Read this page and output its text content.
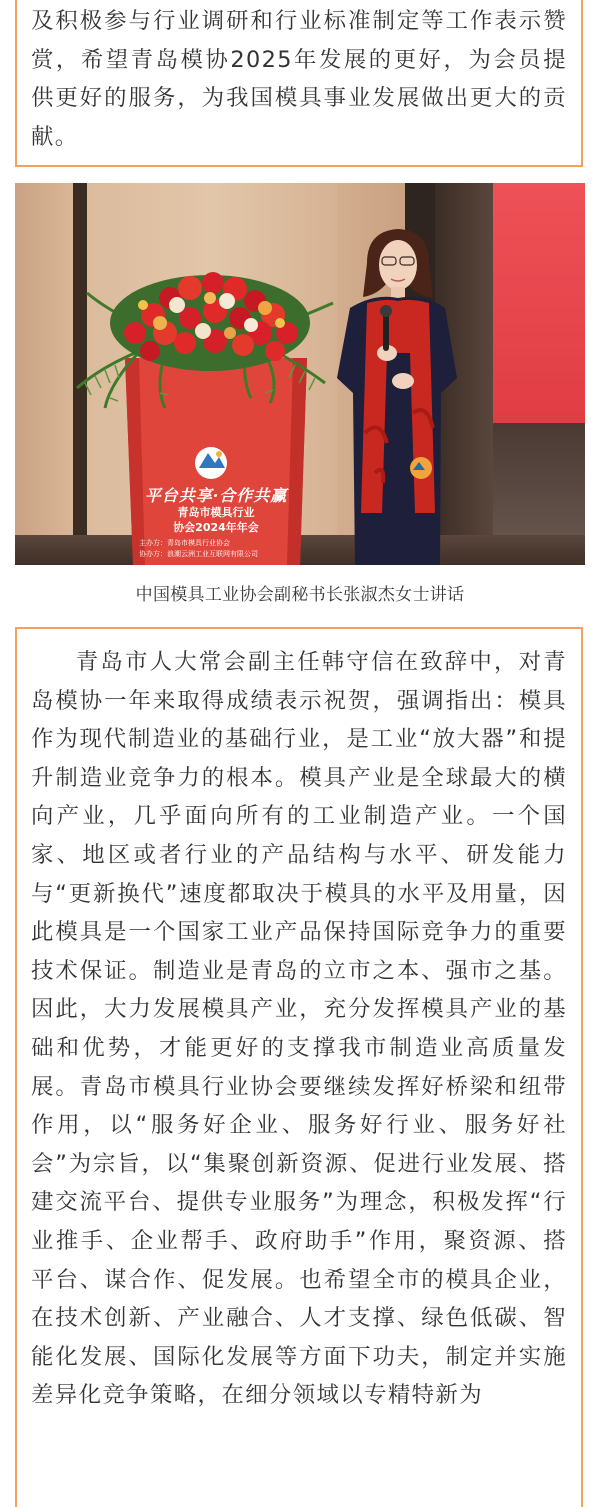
及积极参与行业调研和行业标准制定等工作表示赞赏，希望青岛模协2025年发展的更好，为会员提供更好的服务，为我国模具事业发展做出更大的贡献。

平台共享·合作共赢
青岛市模具行业
协会2024年年会
主办方：青岛市模具行业协会
协办方：浪潮云洲工业互联网有限公司
中国模具工业协会副秘书长张淑杰女士讲话

青岛市人大常会副主任韩守信在致辞中，对青岛模协一年来取得成绩表示祝贺，强调指出：模具作为现代制造业的基础行业，是工业“放大器”和提升制造业竞争力的根本。模具产业是全球最大的横向产业，几乎面向所有的工业制造产业。一个国家、地区或者行业的产品结构与水平、研发能力与“更新换代”速度都取决于模具的水平及用量，因此模具是一个国家工业产品保持国际竞争力的重要技术保证。制造业是青岛的立市之本、强市之基。因此，大力发展模具产业，充分发挥模具产业的基础和优势，才能更好的支撑我市制造业高质量发展。青岛市模具行业协会要继续发挥好桥梁和纽带作用，以“服务好企业、服务好行业、服务好社会”为宗旨，以“集聚创新资源、促进行业发展、搭建交流平台、提供专业服务”为理念，积极发挥“行业推手、企业帮手、政府助手”作用，聚资源、搭平台、谋合作、促发展。也希望全市的模具企业，在技术创新、产业融合、人才支撑、绿色低碳、智能化发展、国际化发展等方面下功夫，制定并实施差异化竞争策略，在细分领域以专精特新为
